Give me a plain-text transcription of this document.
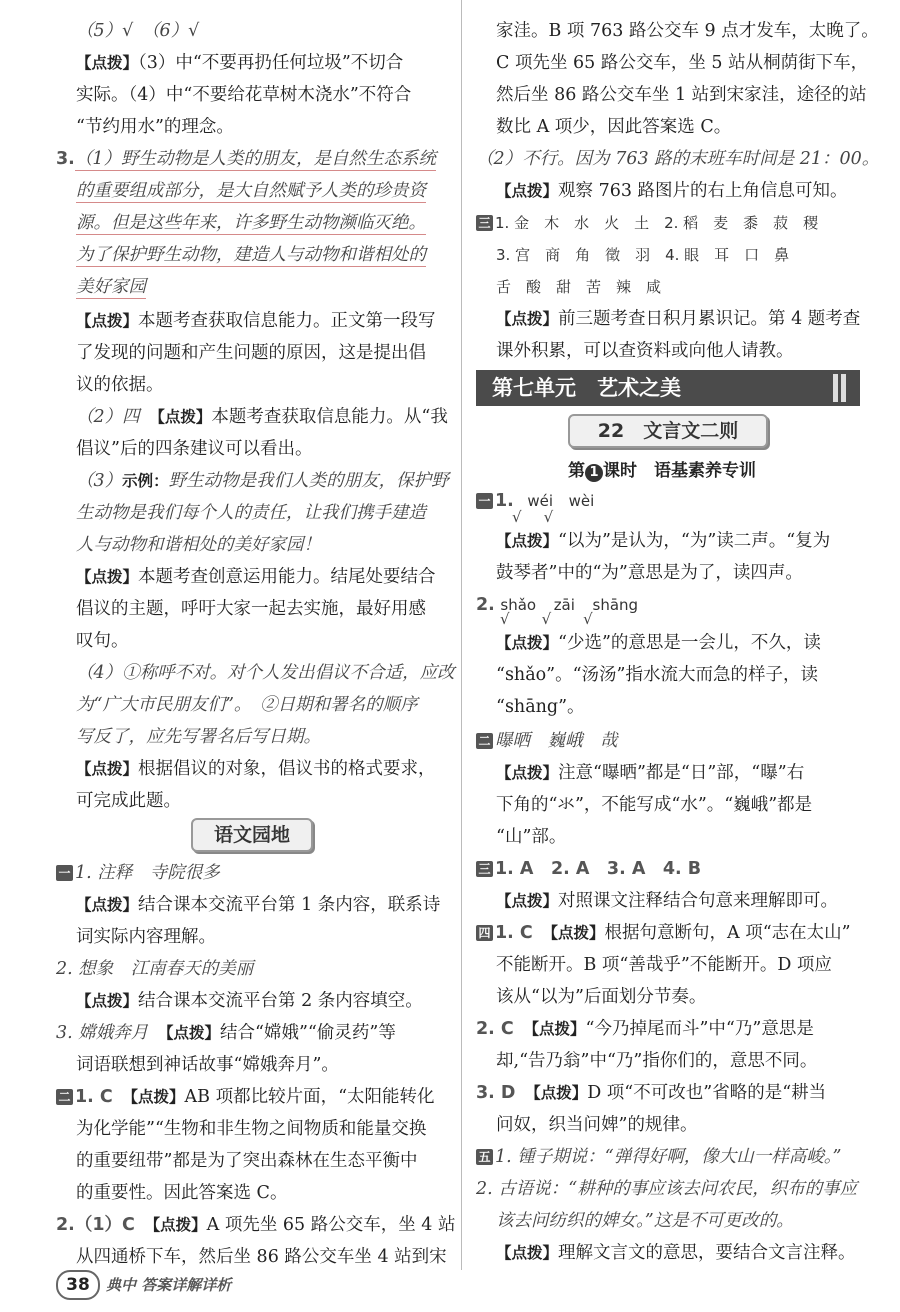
（5）√　（6）√
【点拨】（3）中“不要再扔任何垃圾”不切合
实际。（4）中“不要给花草树木浇水”不符合
“节约用水”的理念。
3.（1）野生动物是人类的朋友，是自然生态系统
的重要组成部分，是大自然赋予人类的珍贵资
源。但是这些年来，许多野生动物濒临灭绝。
为了保护野生动物，建造人与动物和谐相处的
美好家园
【点拨】本题考查获取信息能力。正文第一段写
了发现的问题和产生问题的原因，这是提出倡
议的依据。
（2）四　 【点拨】本题考查获取信息能力。从“我
倡议”后的四条建议可以看出。
（3）示例：野生动物是我们人类的朋友，保护野
生动物是我们每个人的责任，让我们携手建造
人与动物和谐相处的美好家园！
【点拨】本题考查创意运用能力。结尾处要结合
倡议的主题，呼吁大家一起去实施，最好用感
叹句。
（4）①称呼不对。对个人发出倡议不合适，应改
为“广大市民朋友们”。　②日期和署名的顺序
写反了，应先写署名后写日期。
【点拨】根据倡议的对象，倡议书的格式要求，
可完成此题。
语文园地
一 1. 注释　寺院很多
【点拨】结合课本交流平台第 1 条内容，联系诗
词实际内容理解。
2. 想象　江南春天的美丽
【点拨】结合课本交流平台第 2 条内容填空。
3. 嫦娥奔月　 【点拨】结合“嫦娥”“偷灵药”等
词语联想到神话故事“嫦娥奔月”。
二 1. C　 【点拨】AB 项都比较片面，“太阳能转化
为化学能”“生物和非生物之间物质和能量交换
的重要纽带”都是为了突出森林在生态平衡中
的重要性。因此答案选 C。
2.（1）C　 【点拨】A 项先坐 65 路公交车，坐 4 站
从四通桥下车，然后坐 86 路公交车坐 4 站到宋
家洼。B 项 763 路公交车 9 点才发车，太晚了。
C 项先坐 65 路公交车，坐 5 站从桐荫街下车，
然后坐 86 路公交车坐 1 站到宋家洼，途径的站
数比 A 项少，因此答案选 C。
（2）不行。因为 763 路的末班车时间是 21：00。
【点拨】观察 763 路图片的右上角信息可知。
三 1. 金　木　水　火　土　2. 稻　麦　黍　菽　稷
3. 宫　商　角　徵　羽　4. 眼　耳　口　鼻
舌　酸　甜　苦　辣　咸
【点拨】前三题考查日积月累识记。第 4 题考查
课外积累，可以查资料或向他人请教。
第七单元　艺术之美
22　文言文二则
第 1 课时　语基素养专训
一 1. wéi wèi
√ √
【点拨】“以为”是认为，“为”读二声。“复为
鼓琴者”中的“为”意思是为了，读四声。
2. shǎo zāi shāng
√ √ √
【点拨】“少选”的意思是一会儿，不久，读
“shǎo”。“汤汤”指水流大而急的样子，读
“shāng”。
二 曝晒　巍峨　哉
【点拨】注意“曝晒”都是“日”部，“曝”右
下角的“氺”，不能写成“水”。“巍峨”都是
“山”部。
三 1. A　2. A　3. A　4. B
【点拨】对照课文注释结合句意来理解即可。
四 1. C　 【点拨】根据句意断句，A 项“志在太山”
不能断开。B 项“善哉乎”不能断开。D 项应
该从“以为”后面划分节奏。
2. C　 【点拨】“今乃掉尾而斗”中“乃”意思是
却,“告乃翁”中“乃”指你们的，意思不同。
3. D　 【点拨】D 项“不可改也”省略的是“耕当
问奴，织当问婢”的规律。
五 1. 锺子期说：“弹得好啊，像大山一样高峻。”
2. 古语说：“耕种的事应该去问农民，织布的事应
该去问纺织的婢女。”这是不可更改的。
【点拨】理解文言文的意思，要结合文言注释。
38	典中 答案详解详析
